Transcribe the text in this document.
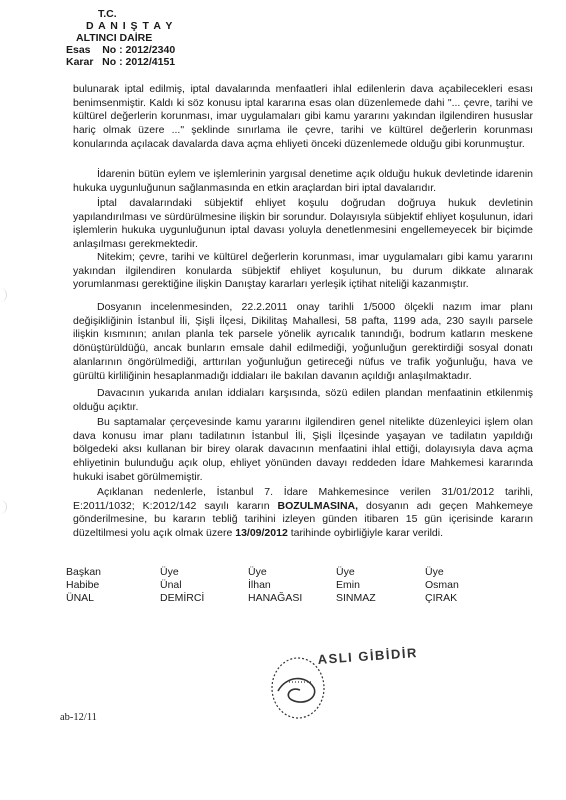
T.C.
D A N I Ş T A Y
ALTINCI DAİRE
Esas    No : 2012/2340
Karar   No : 2012/4151
bulunarak iptal edilmiş, iptal davalarında menfaatleri ihlal edilenlerin dava açabilecekleri esası benimsenmiştir. Kaldı ki söz konusu iptal kararına esas olan düzenlemede dahi "... çevre, tarihi ve kültürel değerlerin korunması, imar uygulamaları gibi kamu yararını yakından ilgilendiren hususlar hariç olmak üzere ..." şeklinde sınırlama ile çevre, tarihi ve kültürel değerlerin korunması konularında açılacak davalarda dava açma ehliyeti önceki düzenlemede olduğu gibi korunmuştur.
İdarenin bütün eylem ve işlemlerinin yargısal denetime açık olduğu hukuk devletinde idarenin hukuka uygunluğunun sağlanmasında en etkin araçlardan biri iptal davalarıdır.
İptal davalarındaki sübjektif ehliyet koşulu doğrudan doğruya hukuk devletinin yapılandırılması ve sürdürülmesine ilişkin bir sorundur. Dolayısıyla sübjektif ehliyet koşulunun, idari işlemlerin hukuka uygunluğunun iptal davası yoluyla denetlenmesini engellemeyecek bir biçimde anlaşılması gerekmektedir.
Nitekim; çevre, tarihi ve kültürel değerlerin korunması, imar uygulamaları gibi kamu yararını yakından ilgilendiren konularda sübjektif ehliyet koşulunun, bu durum dikkate alınarak yorumlanması gerektiğine ilişkin Danıştay kararları yerleşik içtihat niteliği kazanmıştır.
Dosyanın incelenmesinden, 22.2.2011 onay tarihli 1/5000 ölçekli nazım imar planı değişikliğinin İstanbul İli, Şişli İlçesi, Dikilitaş Mahallesi, 58 pafta, 1199 ada, 230 sayılı parsele ilişkin kısmının; anılan planla tek parsele yönelik ayrıcalık tanındığı, bodrum katların meskene dönüştürüldüğü, ancak bunların emsale dahil edilmediği, yoğunluğun gerektirdiği sosyal donatı alanlarının öngörülmediği, arttırılan yoğunluğun getireceği nüfus ve trafik yoğunluğu, hava ve gürültü kirliliğinin hesaplanmadığı iddiaları ile bakılan davanın açıldığı anlaşılmaktadır.
Davacının yukarıda anılan iddiaları karşısında, sözü edilen plandan menfaatinin etkilenmiş olduğu açıktır.
Bu saptamalar çerçevesinde kamu yararını ilgilendiren genel nitelikte düzenleyici işlem olan dava konusu imar planı tadilatının İstanbul İli, Şişli İlçesinde yaşayan ve tadilatın yapıldığı bölgedeki aksı kullanan bir birey olarak davacının menfaatini ihlal ettiği, dolayısıyla dava açma ehliyetinin bulunduğu açık olup, ehliyet yönünden davayı reddeden İdare Mahkemesi kararında hukuki isabet görülmemiştir.
Açıklanan nedenlerle, İstanbul 7. İdare Mahkemesince verilen 31/01/2012 tarihli, E:2011/1032; K:2012/142 sayılı kararın BOZULMASINA, dosyanın adı geçen Mahkemeye gönderilmesine, bu kararın tebliğ tarihini izleyen günden itibaren 15 gün içerisinde kararın düzeltilmesi yolu açık olmak üzere 13/09/2012 tarihinde oybirliğiyle karar verildi.
Başkan
Habibe
ÜNAL
Üye
Ünal
DEMİRCİ
Üye
İlhan
HANAĞASI
Üye
Emin
SINMAZ
Üye
Osman
ÇIRAK
ASLI GİBİDİR
ab-12/11
